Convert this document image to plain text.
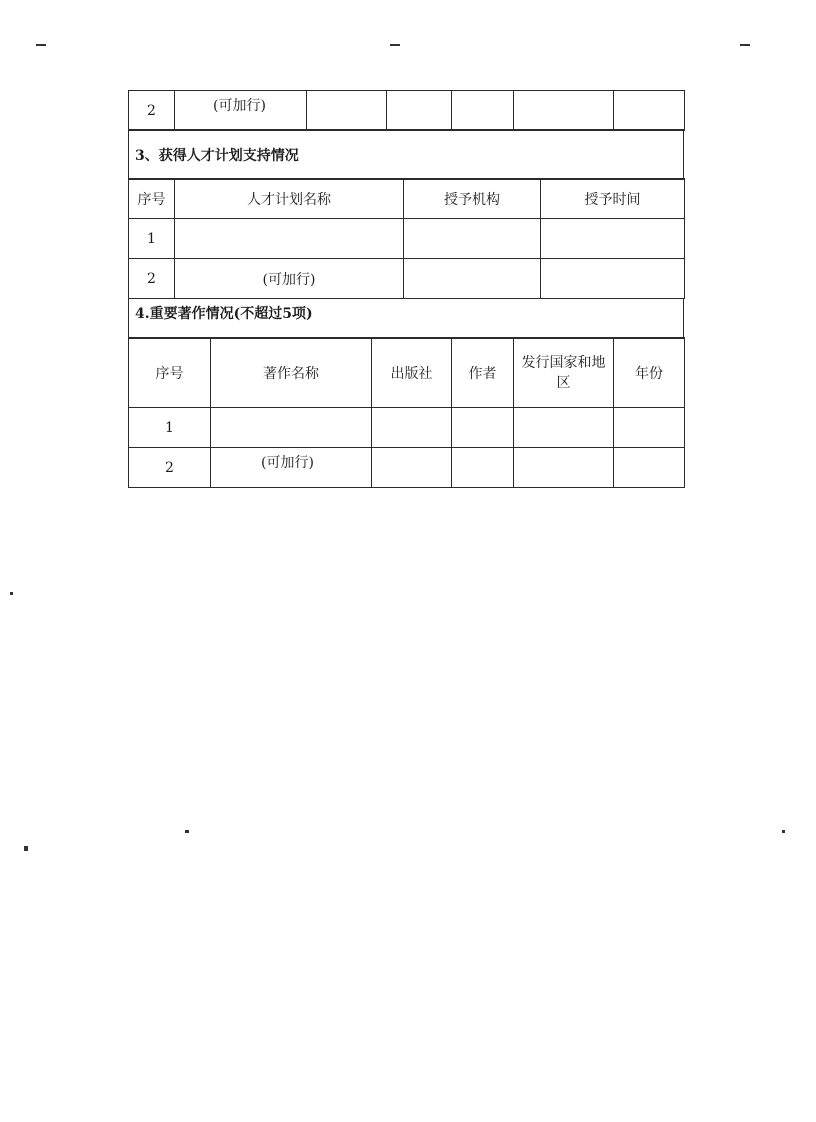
2	(可加行)

3、获得人才计划支持情况
序号	人才计划名称	授予机构	授予时间
1			
2	(可加行)		
4.重要著作情况(不超过5项)
序号	著作名称	出版社	作者	发行国家和地区	年份
1					
2	(可加行)				
